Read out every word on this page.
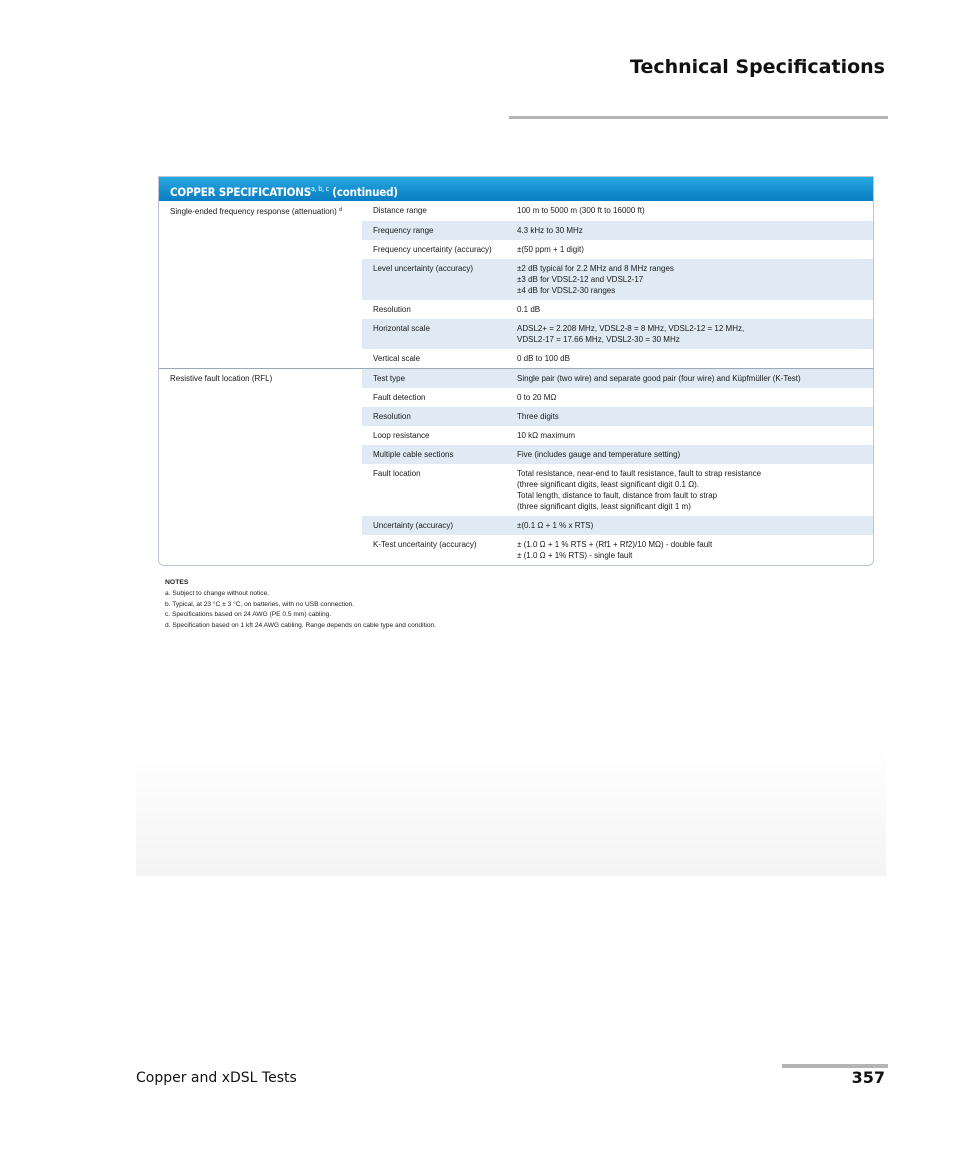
Technical Specifications
COPPER SPECIFICATIONS$^{a, b, c}$ (continued)
Single-ended frequency response (attenuation) $^d$	Distance range	100 m to 5000 m (300 ft to 16000 ft)

	Frequency range	4.3 kHz to 30 MHz

	Frequency uncertainty (accuracy)	±(50 ppm + 1 digit)

	Level uncertainty (accuracy)	±2 dB typical for 2.2 MHz and 8 MHz ranges
±3 dB for VDSL2-12 and VDSL2-17
±4 dB for VDSL2-30 ranges

	Resolution	0.1 dB

	Horizontal scale	ADSL2+ = 2.208 MHz, VDSL2-8 = 8 MHz, VDSL2-12 = 12 MHz,
VDSL2-17 = 17.66 MHz, VDSL2-30 = 30 MHz

	Vertical scale	0 dB to 100 dB

Resistive fault location (RFL)	Test type	Single pair (two wire) and separate good pair (four wire) and Küpfmüller (K-Test)

	Fault detection	0 to 20 MΩ

	Resolution	Three digits

	Loop resistance	10 kΩ maximum

	Multiple cable sections	Five (includes gauge and temperature setting)

	Fault location	Total resistance, near-end to fault resistance, fault to strap resistance
(three significant digits, least significant digit 0.1 Ω).
Total length, distance to fault, distance from fault to strap
(three significant digits, least significant digit 1 m)

	Uncertainty (accuracy)	±(0.1 Ω + 1 % x RTS)

	K-Test uncertainty (accuracy)	± (1.0 Ω + 1 % RTS + (Rf1 + Rf2)/10 MΩ) - double fault
± (1.0 Ω + 1% RTS) - single fault
NOTES
a. Subject to change without notice.
b. Typical, at 23 °C ± 3 °C, on batteries, with no USB connection.
c. Specifications based on 24 AWG (PE 0.5 mm) cabling.
d. Specification based on 1 kft 24 AWG cabling. Range depends on cable type and condition.
Copper and xDSL Tests	357
